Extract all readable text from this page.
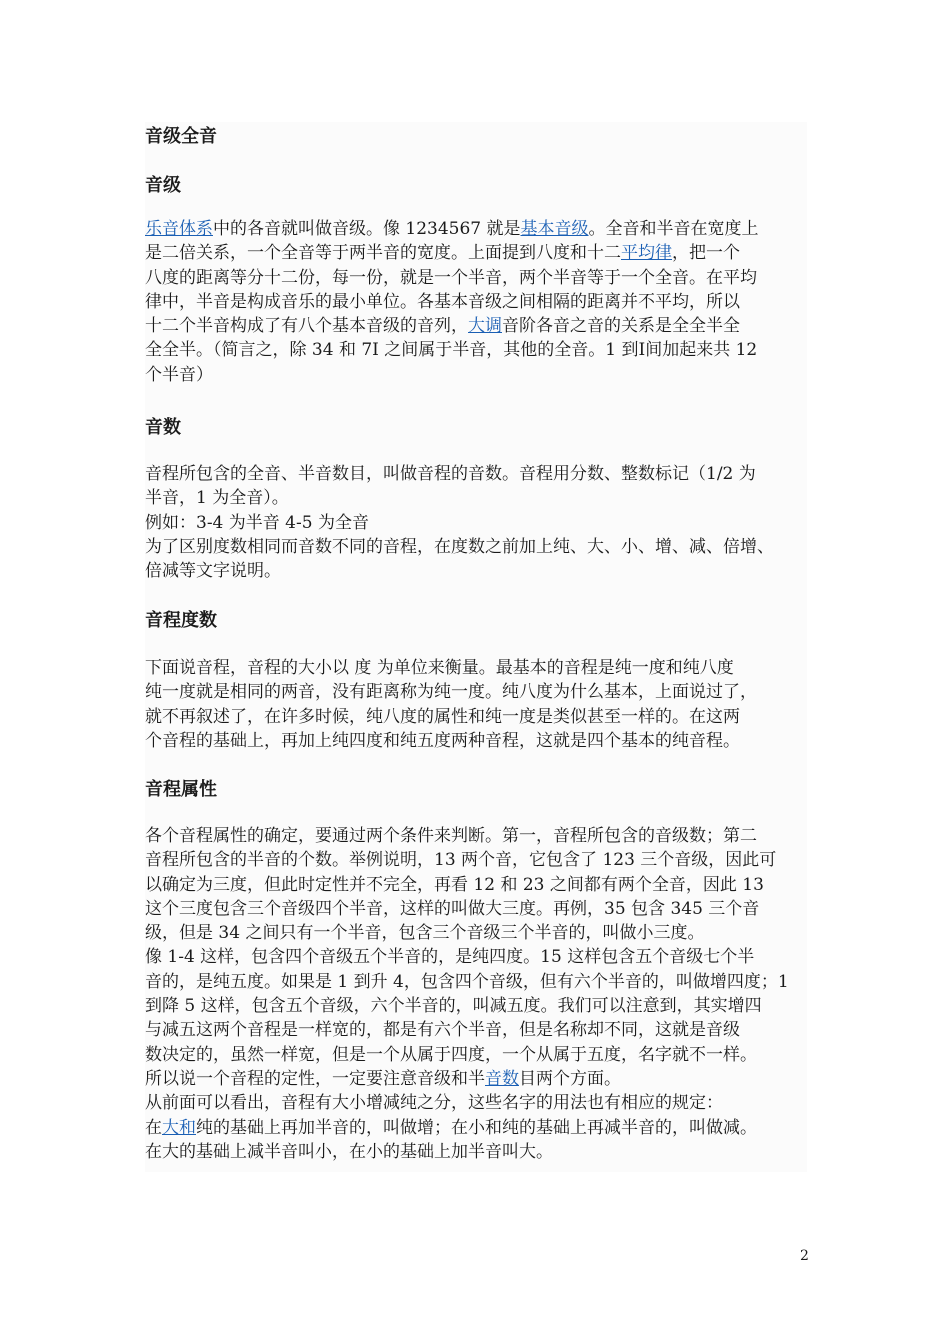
音级全音
音级
乐音体系中的各音就叫做音级。像 1234567 就是基本音级。全音和半音在宽度上
是二倍关系，一个全音等于两半音的宽度。上面提到八度和十二平均律，把一个
八度的距离等分十二份，每一份，就是一个半音，两个半音等于一个全音。在平均
律中，半音是构成音乐的最小单位。各基本音级之间相隔的距离并不平均，所以
十二个半音构成了有八个基本音级的音列，大调音阶各音之音的关系是全全半全
全全半。（简言之，除 34 和 7Ⅰ 之间属于半音，其他的全音。1 到Ⅰ间加起来共 12
个半音）
音数
音程所包含的全音、半音数目，叫做音程的音数。音程用分数、整数标记（1/2 为
半音，1 为全音）。
例如：3-4 为半音 4-5 为全音
为了区别度数相同而音数不同的音程，在度数之前加上纯、大、小、增、减、倍增、
倍减等文字说明。
音程度数
下面说音程，音程的大小以 度 为单位来衡量。最基本的音程是纯一度和纯八度
纯一度就是相同的两音，没有距离称为纯一度。纯八度为什么基本，上面说过了，
就不再叙述了，在许多时候，纯八度的属性和纯一度是类似甚至一样的。在这两
个音程的基础上，再加上纯四度和纯五度两种音程，这就是四个基本的纯音程。
音程属性
各个音程属性的确定，要通过两个条件来判断。第一，音程所包含的音级数；第二
音程所包含的半音的个数。举例说明，13 两个音，它包含了 123 三个音级，因此可
以确定为三度，但此时定性并不完全，再看 12 和 23 之间都有两个全音，因此 13
这个三度包含三个音级四个半音，这样的叫做大三度。再例，35 包含 345 三个音
级，但是 34 之间只有一个半音，包含三个音级三个半音的，叫做小三度。
像 1-4 这样，包含四个音级五个半音的，是纯四度。15 这样包含五个音级七个半
音的，是纯五度。如果是 1 到升 4，包含四个音级，但有六个半音的，叫做增四度；1
到降 5 这样，包含五个音级，六个半音的，叫减五度。我们可以注意到，其实增四
与减五这两个音程是一样宽的，都是有六个半音，但是名称却不同，这就是音级
数决定的，虽然一样宽，但是一个从属于四度，一个从属于五度，名字就不一样。
所以说一个音程的定性，一定要注意音级和半音数目两个方面。
从前面可以看出，音程有大小增减纯之分，这些名字的用法也有相应的规定：
在大和纯的基础上再加半音的，叫做增；在小和纯的基础上再减半音的，叫做减。
在大的基础上减半音叫小，在小的基础上加半音叫大。
2
